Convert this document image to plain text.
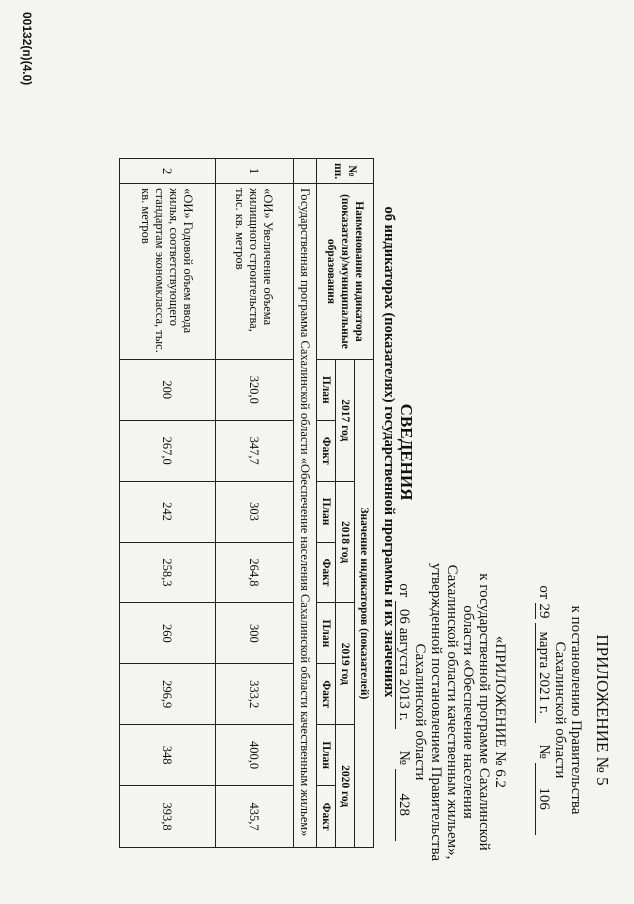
ПРИЛОЖЕНИЕ № 5
к постановлению Правительства
Сахалинской области
от 29 марта 2021 г. № 106
«ПРИЛОЖЕНИЕ № 6.2
к государственной программе Сахалинской
области «Обеспечение населения
Сахалинской области качественным жильем»,
утвержденной постановлением Правительства
Сахалинской области
от 06 августа 2013 г. № 428
СВЕДЕНИЯ
об индикаторах (показателях) государственной программы и их значениях
№ пп.	Наименование индикатора (показателя)/муниципальные образования	Значение индикаторов (показателей)							
		2017 год		2018 год		2019 год		2020 год	
		План	Факт	План	Факт	План	Факт	План	Факт
	Государственная программа Сахалинской области «Обеспечение населения Сахалинской области качественным жильем»								
1	«ОИ» Увеличение объема жилищного строительства, тыс. кв. метров	320,0	347,7	303	264,8	300	333,2	400,0	435,7
2	«ОИ» Годовой объем ввода жилья, соответствующего стандартам экономкласса, тыс. кв. метров	200	267,0	242	258,3	260	296,9	348	393,8
00132(п)(4.0)
